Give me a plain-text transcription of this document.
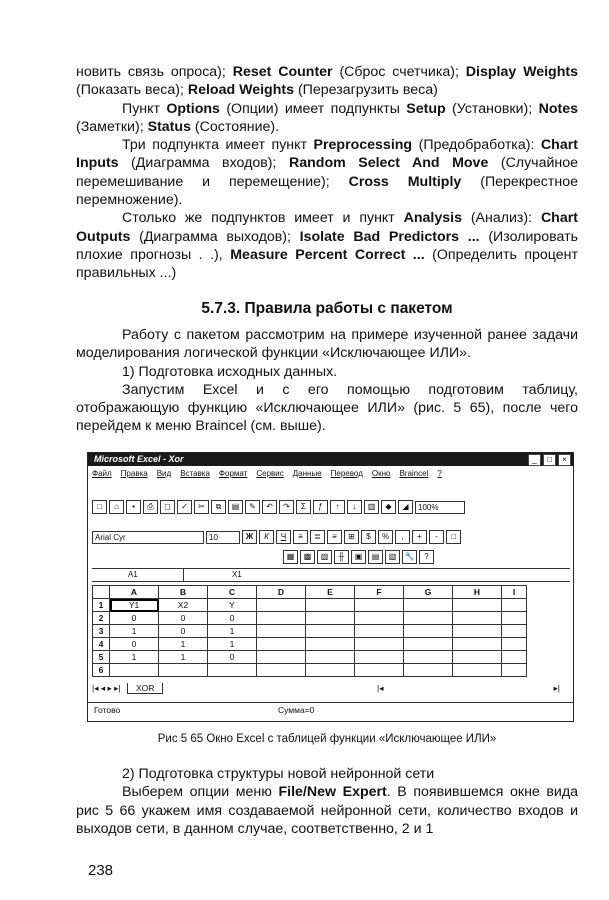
новить связь опроса); Reset Counter (Сброс счетчика); Display Weights (Показать веса); Reload Weights (Перезагрузить веса)

Пункт Options (Опции) имеет подпункты Setup (Установки); Notes (Заметки); Status (Состояние).

Три подпункта имеет пункт Preprocessing (Предобработка): Chart Inputs (Диаграмма входов); Random Select And Move (Случайное перемешивание и перемещение); Cross Multiply (Перекрестное перемножение).

Столько же подпунктов имеет и пункт Analysis (Анализ): Chart Outputs (Диаграмма выходов); Isolate Bad Predictors ... (Изолировать плохие прогнозы . .), Measure Percent Correct ... (Определить процент правильных ...)

5.7.3. Правила работы с пакетом

Работу с пакетом рассмотрим на примере изученной ранее задачи моделирования логической функции «Исключающее ИЛИ».

1) Подготовка исходных данных.

Запустим Excel и с его помощью подготовим таблицу, отображающую функцию «Исключающее ИЛИ» (рис. 5 65), после чего перейдем к меню Braincel (см. выше).

Microsoft Excel - Xor	_	□	×
Файл Правка Вид Вставка Формат Сервис Данные Перевод Окно Braincel ?
□	⌂	▪	⎙	◻	✓	✂	⧉	▤	✎	↶	↷	Σ	ƒ	↑	↓	▥	◆	◢	100%
Arial Cyr	10	Ж	К	Ч	≡	≣	≡	⊞	$	%	,	+	-	□
▦	▩	▨	╫	▣	▤	▧	🔧	?
A1	X1
	A	B	C	D	E	F	G	H	I
1	Y1	X2	Y						
2	0	0	0						
3	1	0	1						
4	0	1	1						
5	1	1	0						
6									
|◂ ◂ ▸ ▸| XOR	|◂	▸|
Готово	Сумма=0
Рис 5 65 Окно Excel с таблицей функции «Исключающее ИЛИ»

2) Подготовка структуры новой нейронной сети

Выберем опции меню File/New Expert. В появившемся окне вида рис 5 66 укажем имя создаваемой нейронной сети, количество входов и выходов сети, в данном случае, соответственно, 2 и 1

238
